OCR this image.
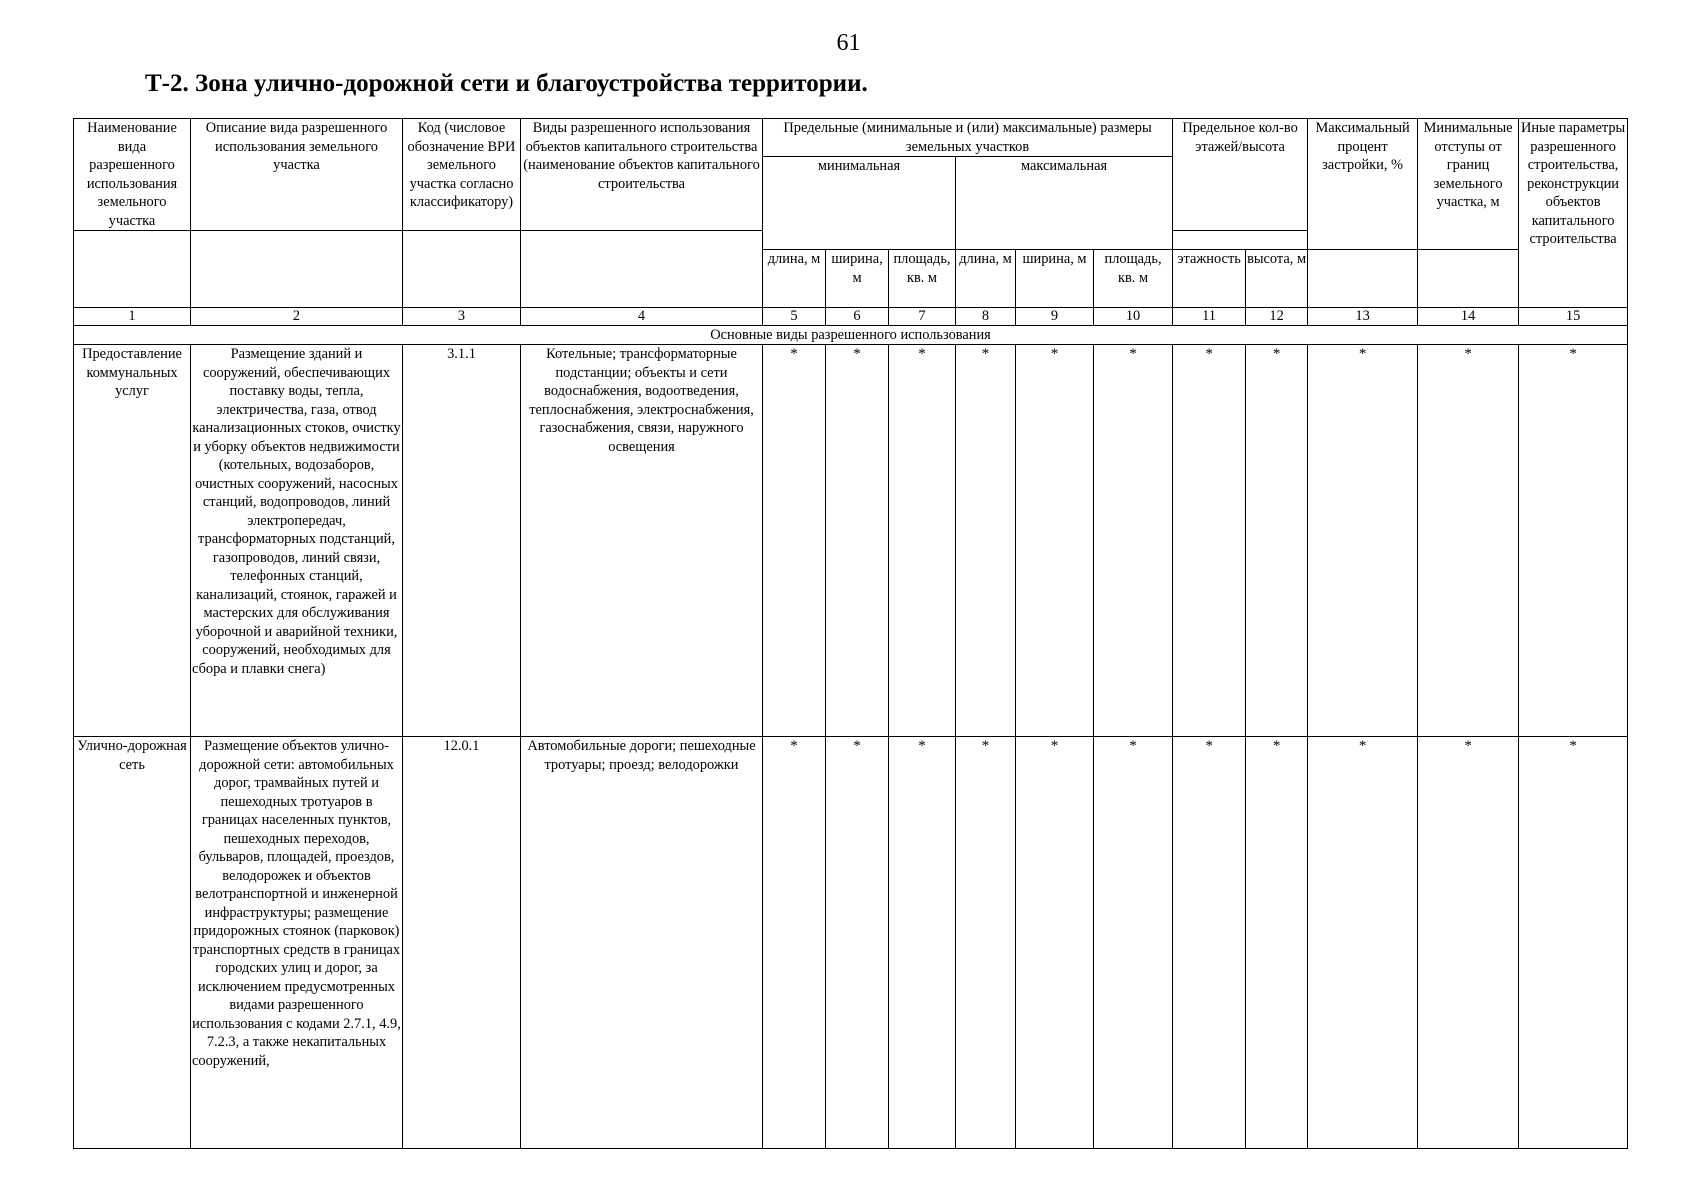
61
Т-2. Зона улично-дорожной сети и благоустройства территории.
Наименование вида разрешенного использования земельного участка	Описание вида разрешенного использования земельного участка	Код (числовое обозначение ВРИ земельного участка согласно классификатору)	Виды разрешенного использования объектов капитального строительства (наименование объектов капитального строительства	Предельные (минимальные и (или) максимальные) размеры земельных участков						Предельное кол-во этажей/высота		Максимальный процент застройки, %	Минимальные отступы от границ земельного участка, м	Иные параметры разрешенного строительства, реконструкции объектов капитального строительства

				минимальная			максимальная							

				длина, м	ширина, м	площадь, кв. м	длина, м	ширина, м	площадь, кв. м	этажность	высота, м			
1	2	3	4	5	6	7	8	9	10	11	12	13	14	15
Основные виды разрешенного использования														
Предоставление коммунальных услуг	Размещение зданий и сооружений, обеспечивающих поставку воды, тепла, электричества, газа, отвод канализационных стоков, очистку и уборку объектов недвижимости (котельных, водозаборов, очистных сооружений, насосных станций, водопроводов, линий электропередач, трансформаторных подстанций, газопроводов, линий связи, телефонных станций, канализаций, стоянок, гаражей и мастерских для обслуживания уборочной и аварийной техники, сооружений, необходимых для сбора и плавки снега)	3.1.1	Котельные; трансформаторные подстанции; объекты и сети водоснабжения, водоотведения, теплоснабжения, электроснабжения, газоснабжения, связи, наружного освещения	*	*	*	*	*	*	*	*	*	*	*
Улично-дорожная сеть	Размещение объектов улично-дорожной сети: автомобильных дорог, трамвайных путей и пешеходных тротуаров в границах населенных пунктов, пешеходных переходов, бульваров, площадей, проездов, велодорожек и объектов велотранспортной и инженерной инфраструктуры; размещение придорожных стоянок (парковок) транспортных средств в границах городских улиц и дорог, за исключением предусмотренных видами разрешенного использования с кодами 2.7.1, 4.9, 7.2.3, а также некапитальных сооружений,	12.0.1	Автомобильные дороги; пешеходные тротуары; проезд; велодорожки	*	*	*	*	*	*	*	*	*	*	*
